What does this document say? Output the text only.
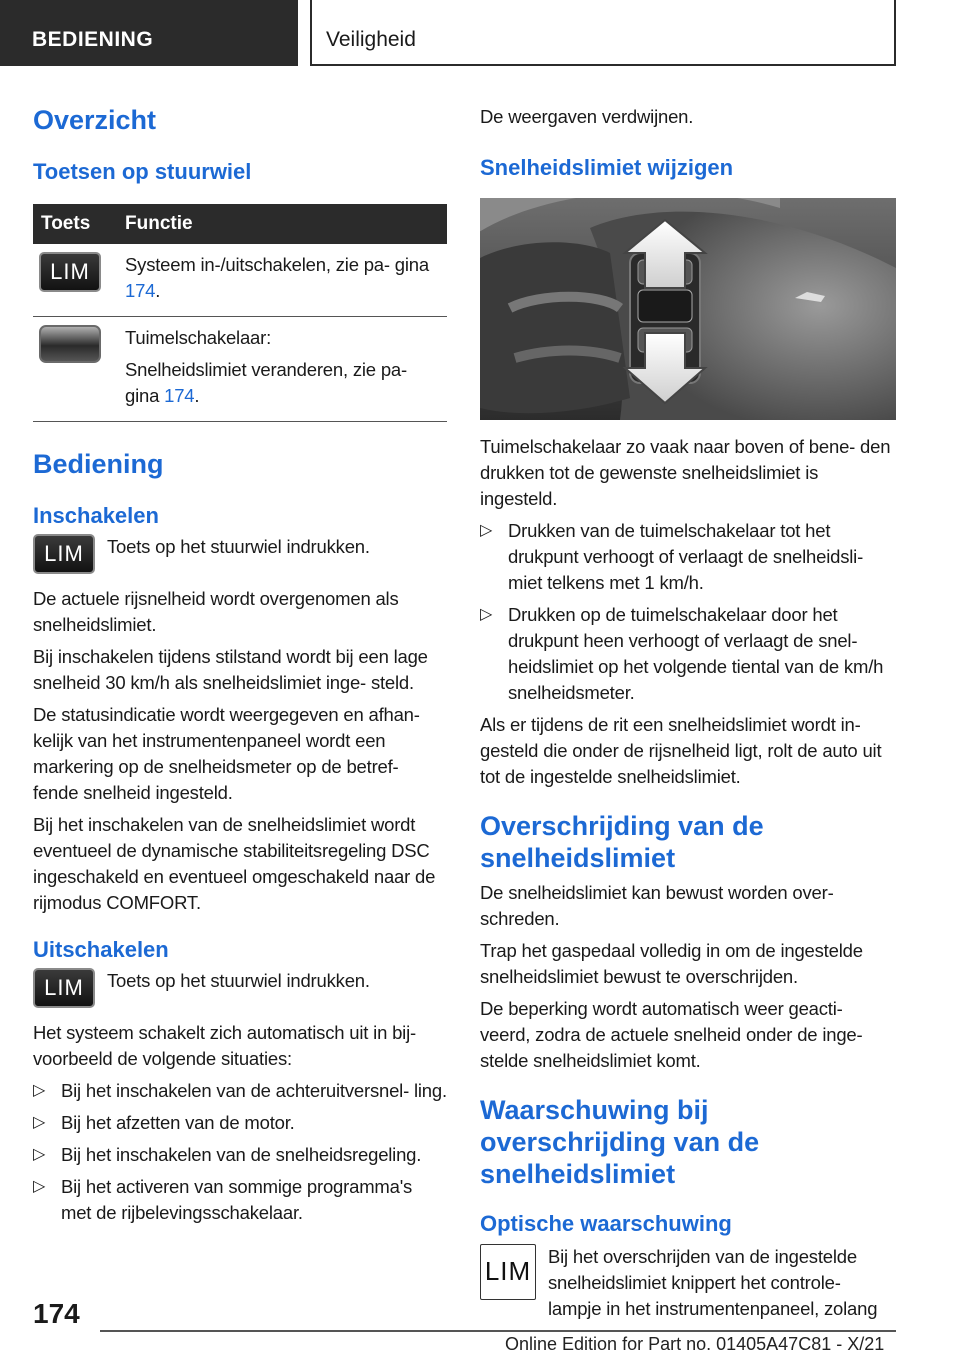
BEDIENING	Veiligheid
Overzicht
Toetsen op stuurwiel
Toets	Functie
LIM	Systeem in-/uitschakelen, zie pa‐ gina 174.

	Tuimelschakelaar:
Snelheidslimiet veranderen, zie pa‐ gina 174.
Bediening
Inschakelen
LIM	Toets op het stuurwiel indrukken.

De actuele rijsnelheid wordt overgenomen als snelheidslimiet.

Bij inschakelen tijdens stilstand wordt bij een lage snelheid 30 km/h als snelheidslimiet inge‐ steld.

De statusindicatie wordt weergegeven en afhan‐ kelijk van het instrumentenpaneel wordt een markering op de snelheidsmeter op de betref‐ fende snelheid ingesteld.

Bij het inschakelen van de snelheidslimiet wordt eventueel de dynamische stabiliteitsregeling DSC ingeschakeld en eventueel omgeschakeld naar de rijmodus COMFORT.

Uitschakelen
LIM	Toets op het stuurwiel indrukken.

Het systeem schakelt zich automatisch uit in bij‐ voorbeeld de volgende situaties:

▷ Bij het inschakelen van de achteruitversnel‐ ling.
▷ Bij het afzetten van de motor.
▷ Bij het inschakelen van de snelheidsregeling.
▷ Bij het activeren van sommige programma's met de rijbelevingsschakelaar.

De weergaven verdwijnen.

Snelheidslimiet wijzigen

Tuimelschakelaar zo vaak naar boven of bene‐ den drukken tot de gewenste snelheidslimiet is ingesteld.

▷ Drukken van de tuimelschakelaar tot het drukpunt verhoogt of verlaagt de snelheidsli‐ miet telkens met 1 km/h.
▷ Drukken op de tuimelschakelaar door het drukpunt heen verhoogt of verlaagt de snel‐ heidslimiet op het volgende tiental van de km/h snelheidsmeter.

Als er tijdens de rit een snelheidslimiet wordt in‐ gesteld die onder de rijsnelheid ligt, rolt de auto uit tot de ingestelde snelheidslimiet.

Overschrijding van de snelheidslimiet

De snelheidslimiet kan bewust worden over‐ schreden.

Trap het gaspedaal volledig in om de ingestelde snelheidslimiet bewust te overschrijden.

De beperking wordt automatisch weer geacti‐ veerd, zodra de actuele snelheid onder de inge‐ stelde snelheidslimiet komt.

Waarschuwing bij overschrijding van de snelheidslimiet
Optische waarschuwing
LIM Bij het overschrijden van de ingestelde snelheidslimiet knippert het controle‐ lampje in het instrumentenpaneel, zolang

174
Online Edition for Part no. 01405A47C81 - X/21
